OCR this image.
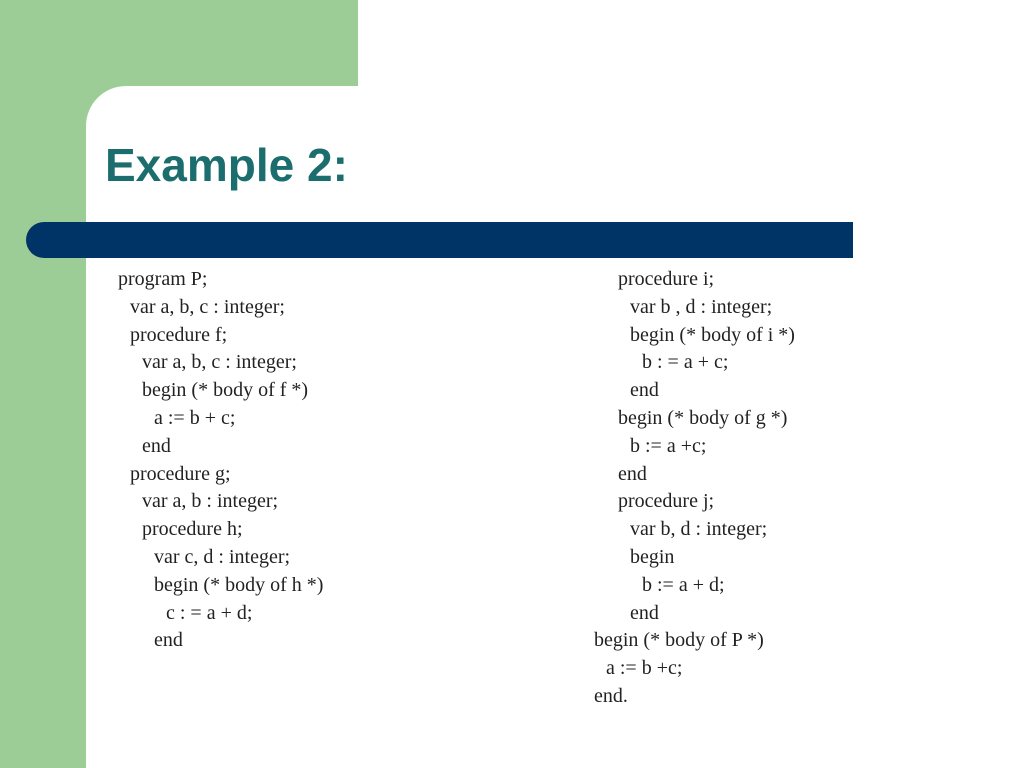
Example 2:
program P;
var a, b, c : integer;
procedure f;
var a, b, c : integer;
begin (* body of f *)
a := b + c;
end
procedure g;
var a, b : integer;
procedure h;
var c, d : integer;
begin (* body of h *)
c : = a + d;
end
procedure i;
var b , d : integer;
begin (* body of i *)
b : = a + c;
end
begin (* body of g *)
b := a +c;
end
procedure j;
var b, d : integer;
begin
b := a + d;
end
begin (* body of P *)
a := b +c;
end.
